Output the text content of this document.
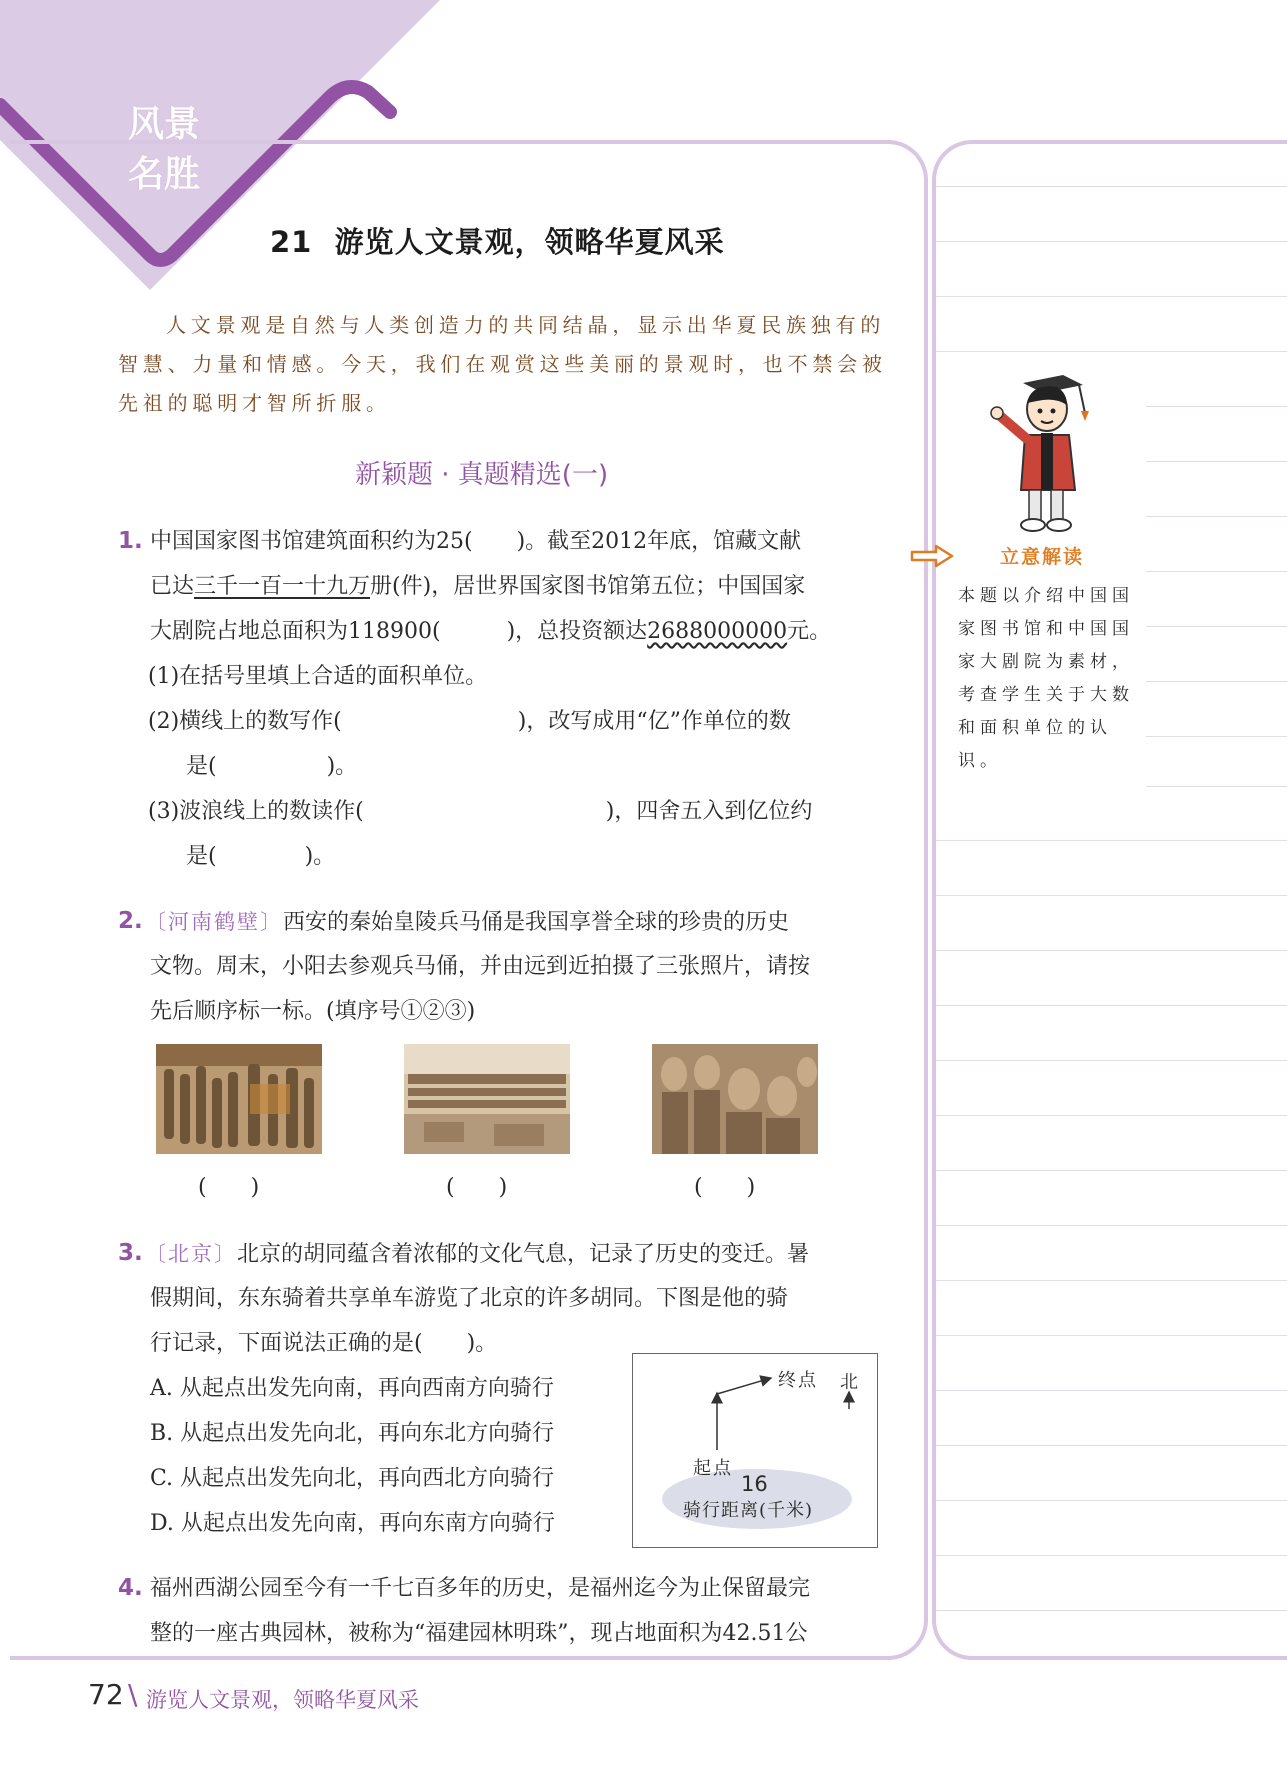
风景
名胜
21 游览人文景观，领略华夏风采
人文景观是自然与人类创造力的共同结晶，显示出华夏民族独有的智慧、力量和情感。今天，我们在观赏这些美丽的景观时，也不禁会被先祖的聪明才智所折服。
新颖题 · 真题精选(一)
1. 中国国家图书馆建筑面积约为25(　　)。截至2012年底，馆藏文献
已达三千一百一十九万册(件)，居世界国家图书馆第五位；中国国家
大剧院占地总面积为118900(　　　)，总投资额达2688000000元。
(1)在括号里填上合适的面积单位。
(2)横线上的数写作(　　　　　　　　)，改写成用“亿”作单位的数
是(　　　　　)。
(3)波浪线上的数读作(　　　　　　　　　　　)，四舍五入到亿位约
是(　　　　)。
2. 〔河南鹤壁〕西安的秦始皇陵兵马俑是我国享誉全球的珍贵的历史
文物。周末，小阳去参观兵马俑，并由远到近拍摄了三张照片，请按
先后顺序标一标。(填序号①②③)
(　　)	(　　)	(　　)
3. 〔北京〕北京的胡同蕴含着浓郁的文化气息，记录了历史的变迁。暑
假期间，东东骑着共享单车游览了北京的许多胡同。下图是他的骑
行记录，下面说法正确的是(　　)。
A. 从起点出发先向南，再向西南方向骑行
B. 从起点出发先向北，再向东北方向骑行
C. 从起点出发先向北，再向西北方向骑行
D. 从起点出发先向南，再向东南方向骑行
终点 北
起点
16
骑行距离(千米)
4. 福州西湖公园至今有一千七百多年的历史，是福州迄今为止保留最完
整的一座古典园林，被称为“福建园林明珠”，现占地面积为42.51公
立意解读
本题以介绍中国国家图书馆和中国国家大剧院为素材，考查学生关于大数和面积单位的认识。
72 \ 游览人文景观，领略华夏风采
